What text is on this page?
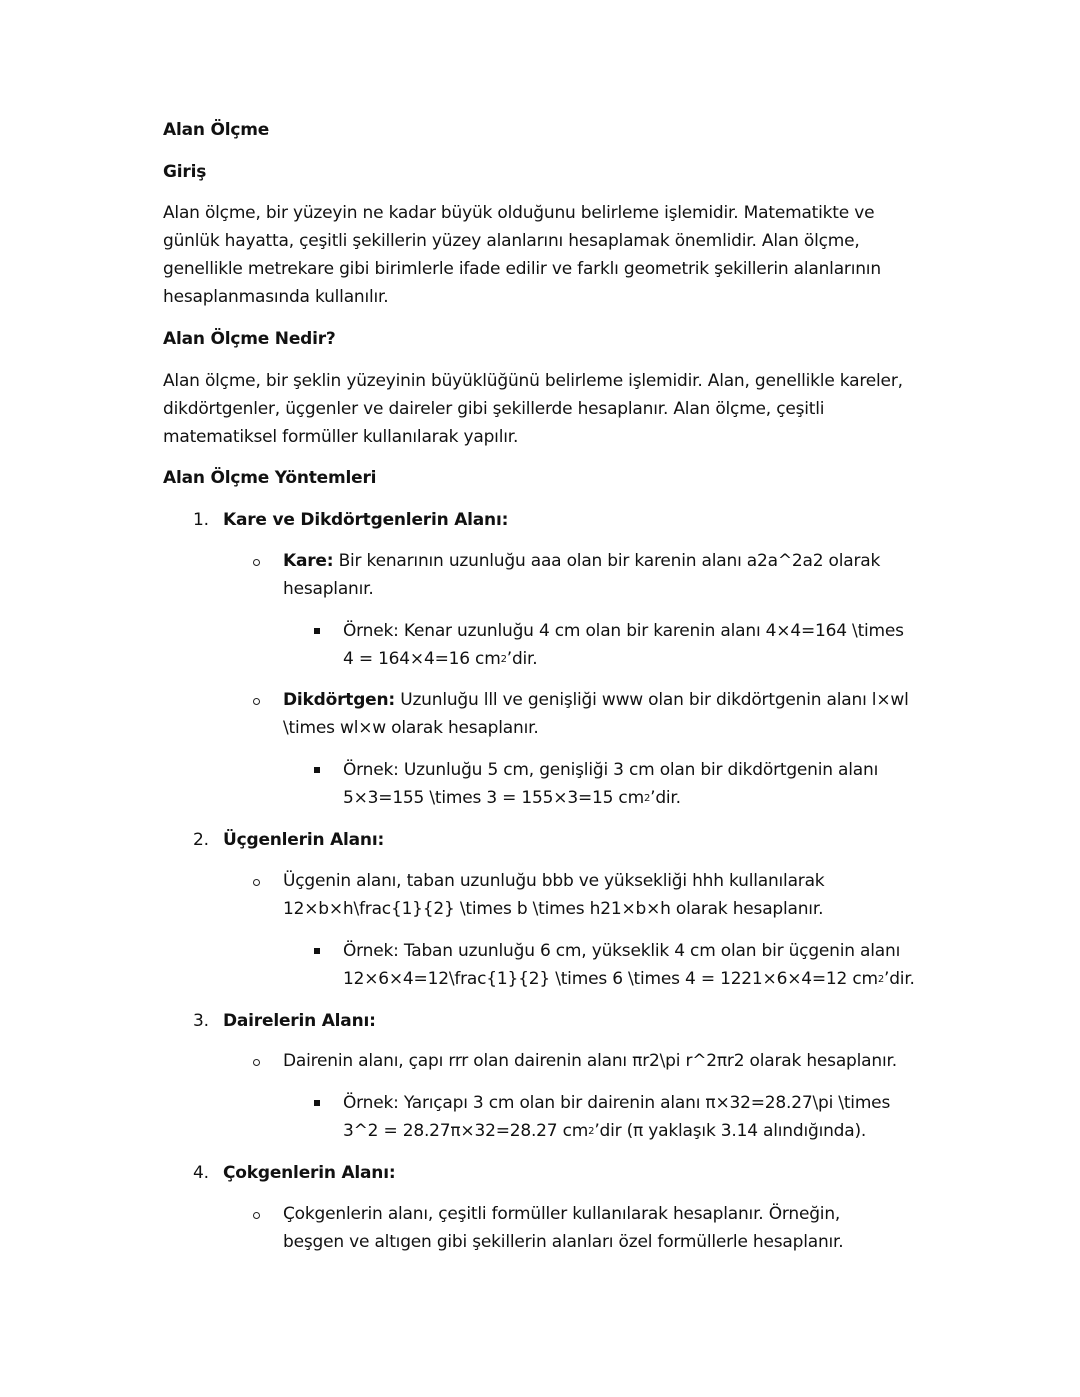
Alan Ölçme
Giriş
Alan ölçme, bir yüzeyin ne kadar büyük olduğunu belirleme işlemidir. Matematikte ve
günlük hayatta, çeşitli şekillerin yüzey alanlarını hesaplamak önemlidir. Alan ölçme,
genellikle metrekare gibi birimlerle ifade edilir ve farklı geometrik şekillerin alanlarının
hesaplanmasında kullanılır.
Alan Ölçme Nedir?
Alan ölçme, bir şeklin yüzeyinin büyüklüğünü belirleme işlemidir. Alan, genellikle kareler,
dikdörtgenler, üçgenler ve daireler gibi şekillerde hesaplanır. Alan ölçme, çeşitli
matematiksel formüller kullanılarak yapılır.
Alan Ölçme Yöntemleri
1. Kare ve Dikdörtgenlerin Alanı:
Kare: Bir kenarının uzunluğu aaa olan bir karenin alanı a2a^2a2 olarak
hesaplanır.
Örnek: Kenar uzunluğu 4 cm olan bir karenin alanı 4×4=164 \times
4 = 164×4=16 $cm^2’dir$.
Dikdörtgen: Uzunluğu lll ve genişliği www olan bir dikdörtgenin alanı l×wl
\times wl×w olarak hesaplanır.
Örnek: Uzunluğu 5 cm, genişliği 3 cm olan bir dikdörtgenin alanı
5×3=155 \times 3 = 155×3=15 $cm^2’dir$.
2. Üçgenlerin Alanı:
Üçgenin alanı, taban uzunluğu bbb ve yüksekliği hhh kullanılarak
12×b×h\frac{1}{2} \times b \times h21×b×h olarak hesaplanır.
Örnek: Taban uzunluğu 6 cm, yükseklik 4 cm olan bir üçgenin alanı
12×6×4=12\frac{1}{2} \times 6 \times 4 = 1221×6×4=12 $cm^2’dir$.
3. Dairelerin Alanı:
Dairenin alanı, çapı rrr olan dairenin alanı πr2\pi r^2πr2 olarak hesaplanır.
Örnek: Yarıçapı 3 cm olan bir dairenin alanı π×32=28.27\pi \times
3^2 = 28.27π×32=28.27 $cm^2’dir$ (π yaklaşık 3.14 alındığında).
4. Çokgenlerin Alanı:
Çokgenlerin alanı, çeşitli formüller kullanılarak hesaplanır. Örneğin,
beşgen ve altıgen gibi şekillerin alanları özel formüllerle hesaplanır.
